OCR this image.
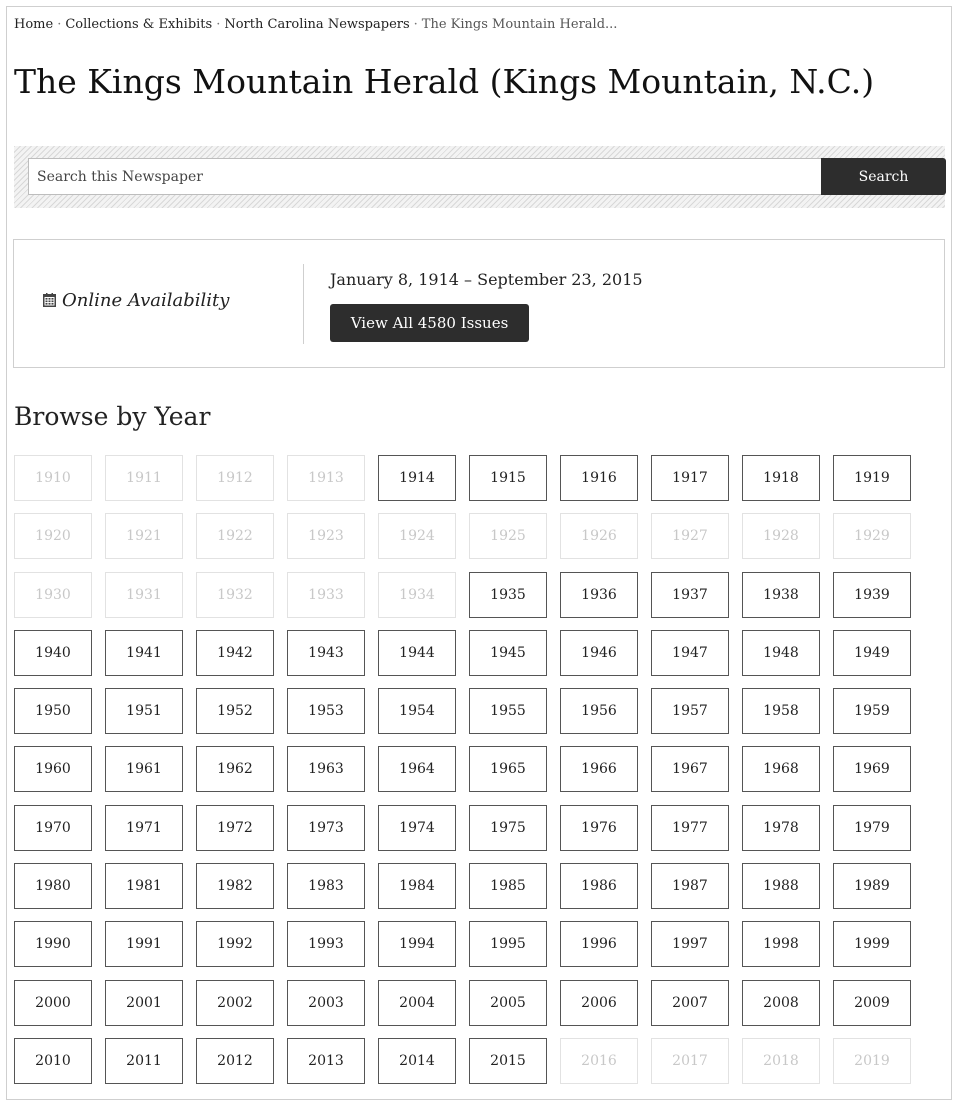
Home · Collections & Exhibits · North Carolina Newspapers · The Kings Mountain Herald...
The Kings Mountain Herald (Kings Mountain, N.C.)
Search this Newspaper
Search
Online Availability
January 8, 1914 – September 23, 2015
View All 4580 Issues
Browse by Year
1910	1911	1912	1913	1914	1915	1916	1917	1918	1919
1920	1921	1922	1923	1924	1925	1926	1927	1928	1929
1930	1931	1932	1933	1934	1935	1936	1937	1938	1939
1940	1941	1942	1943	1944	1945	1946	1947	1948	1949
1950	1951	1952	1953	1954	1955	1956	1957	1958	1959
1960	1961	1962	1963	1964	1965	1966	1967	1968	1969
1970	1971	1972	1973	1974	1975	1976	1977	1978	1979
1980	1981	1982	1983	1984	1985	1986	1987	1988	1989
1990	1991	1992	1993	1994	1995	1996	1997	1998	1999
2000	2001	2002	2003	2004	2005	2006	2007	2008	2009
2010	2011	2012	2013	2014	2015	2016	2017	2018	2019
